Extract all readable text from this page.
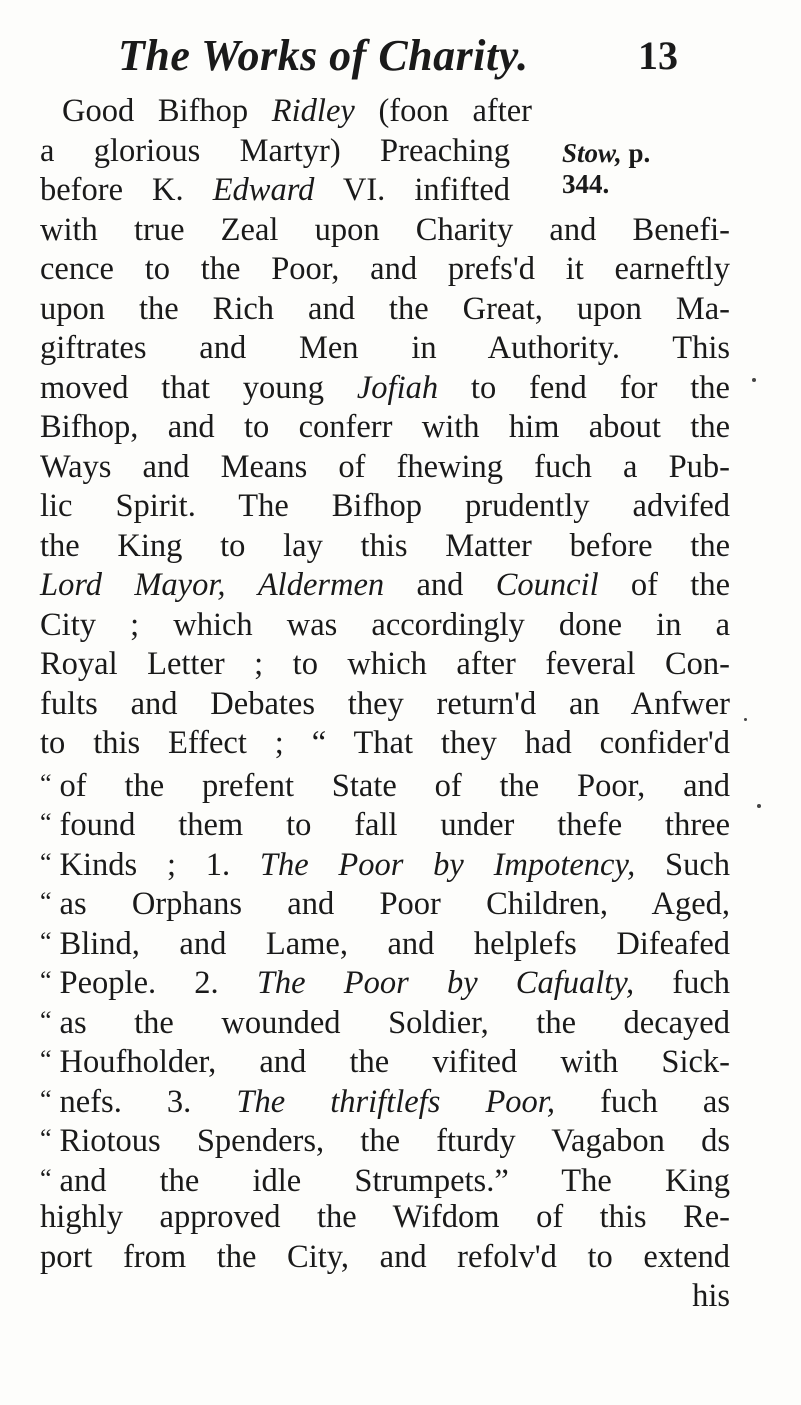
The Works of Charity.	13
Stow, p.
344.
Good Bifhop Ridley (foon after
a glorious Martyr) Preaching
before K. Edward VI. infifted
with true Zeal upon Charity and Benefi-
cence to the Poor, and prefs'd it earneftly
upon the Rich and the Great, upon Ma-
giftrates and Men in Authority. This
moved that young Jofiah to fend for the
Bifhop, and to conferr with him about the
Ways and Means of fhewing fuch a Pub-
lic Spirit. The Bifhop prudently advifed
the King to lay this Matter before the
Lord Mayor, Aldermen and Council of the
City ; which was accordingly done in a
Royal Letter ; to which after feveral Con-
fults and Debates they return'd an Anfwer
to this Effect ; “ That they had confider'd
“ of the prefent State of the Poor, and
“ found them to fall under thefe three
“ Kinds ; 1. The Poor by Impotency, Such
“ as Orphans and Poor Children, Aged,
“ Blind, and Lame, and helplefs Difeafed
“ People. 2. The Poor by Cafualty, fuch
“ as the wounded Soldier, the decayed
“ Houfholder, and the vifited with Sick-
“ nefs. 3. The thriftlefs Poor, fuch as
“ Riotous Spenders, the fturdy Vagabon ds
“ and the idle Strumpets.” The King
highly approved the Wifdom of this Re-
port from the City, and refolv'd to extend
his
